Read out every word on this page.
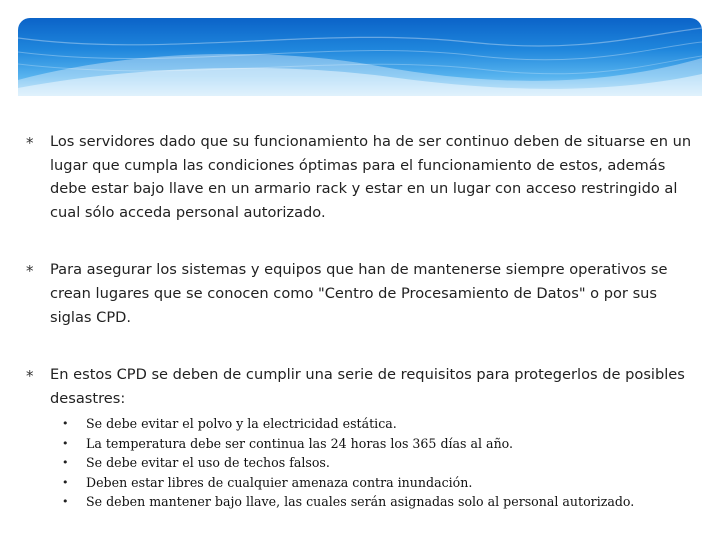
*	Los servidores dado que su funcionamiento ha de ser continuo deben de situarse en un lugar que cumpla las condiciones óptimas para el funcionamiento de estos, además debe estar bajo llave en un armario rack y estar en un lugar con acceso restringido al cual sólo acceda personal autorizado.
*	Para asegurar los sistemas y equipos que han de mantenerse siempre operativos se crean lugares que se conocen como "Centro de Procesamiento de Datos" o por sus siglas CPD.
*	En estos CPD se deben de cumplir una serie de requisitos para protegerlos de posibles desastres:
•	Se debe evitar el polvo y la electricidad estática.
•	La temperatura debe ser continua las 24 horas los 365 días al año.
•	Se debe evitar el uso de techos falsos.
•	Deben estar libres de cualquier amenaza contra inundación.
•	Se deben mantener bajo llave, las cuales serán asignadas solo al personal autorizado.
